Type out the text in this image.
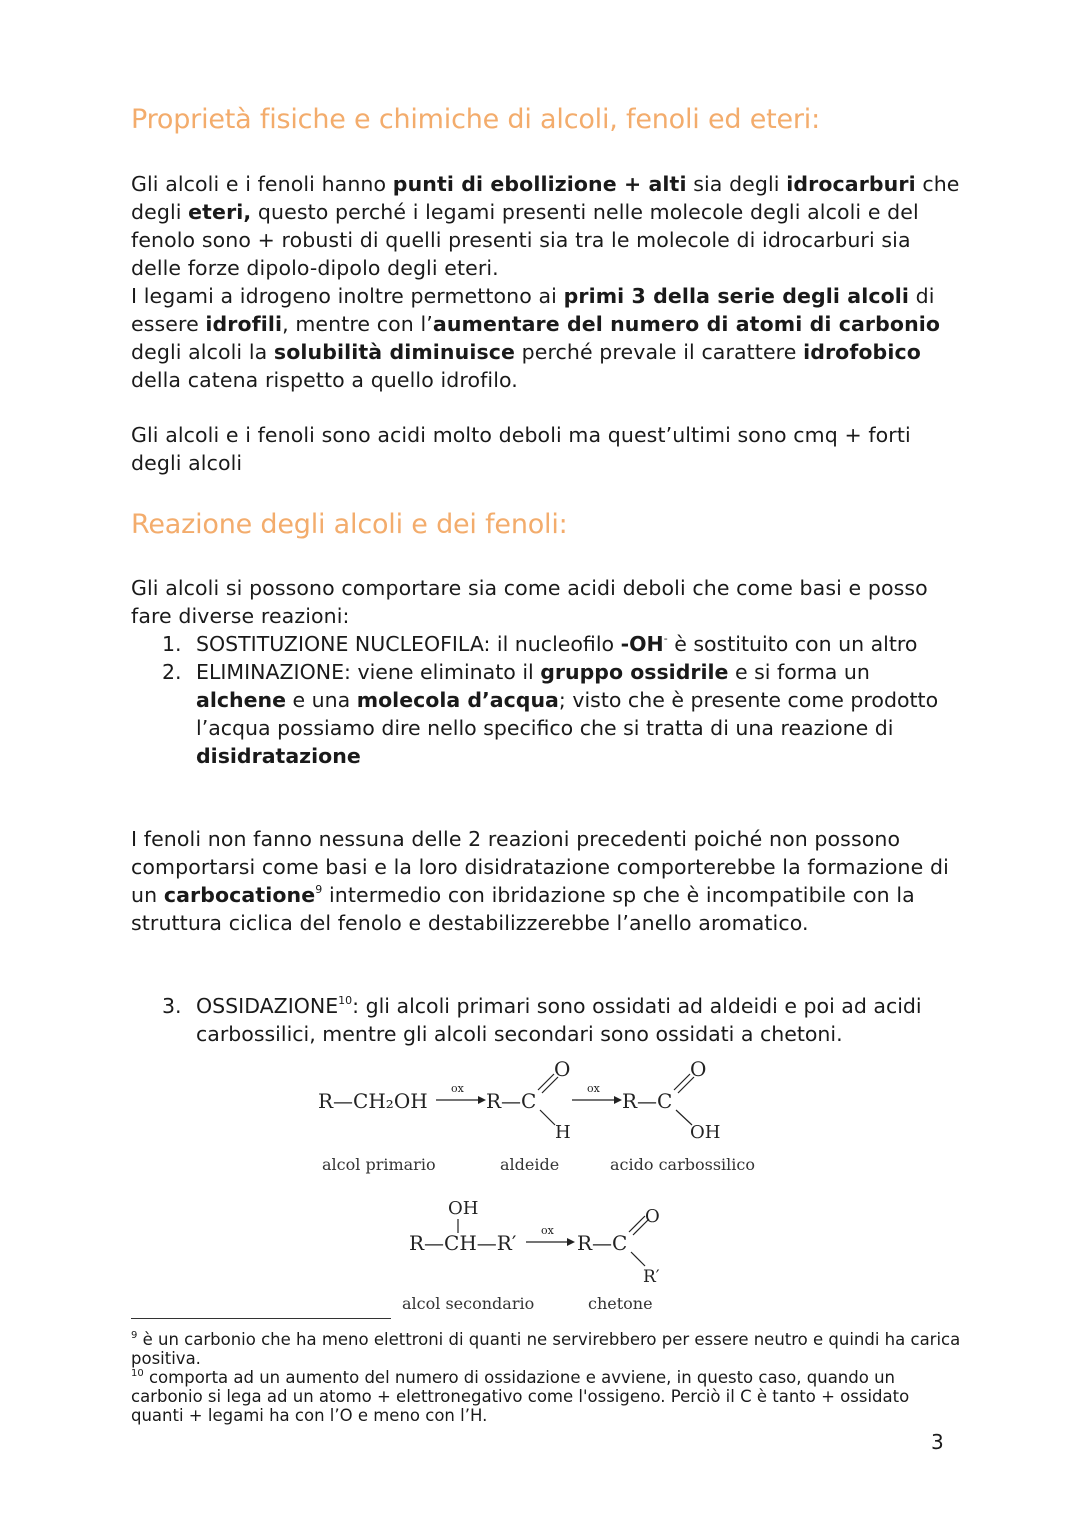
Proprietà fisiche e chimiche di alcoli, fenoli ed eteri:

Gli alcoli e i fenoli hanno punti di ebollizione + alti sia degli idrocarburi che degli eteri, questo perché i legami presenti nelle molecole degli alcoli e del fenolo sono + robusti di quelli presenti sia tra le molecole di idrocarburi sia delle forze dipolo-dipolo degli eteri.
I legami a idrogeno inoltre permettono ai primi 3 della serie degli alcoli di essere idrofili, mentre con l’aumentare del numero di atomi di carbonio degli alcoli la solubilità diminuisce perché prevale il carattere idrofobico della catena rispetto a quello idrofilo.

Gli alcoli e i fenoli sono acidi molto deboli ma quest’ultimi sono cmq + forti degli alcoli

Reazione degli alcoli e dei fenoli:

Gli alcoli si possono comportare sia come acidi deboli che come basi e posso fare diverse reazioni:

1. SOSTITUZIONE NUCLEOFILA: il nucleofilo -OH- è sostituito con un altro
2. ELIMINAZIONE: viene eliminato il gruppo ossidrile e si forma un alchene e una molecola d’acqua; visto che è presente come prodotto l’acqua possiamo dire nello specifico che si tratta di una reazione di disidratazione

I fenoli non fanno nessuna delle 2 reazioni precedenti poiché non possono comportarsi come basi e la loro disidratazione comporterebbe la formazione di un carbocatione$^9$ intermedio con ibridazione sp che è incompatibile con la struttura ciclica del fenolo e destabilizzerebbe l’anello aromatico.

3. OSSIDAZIONE$^{10}$: gli alcoli primari sono ossidati ad aldeidi e poi ad acidi carbossilici, mentre gli alcoli secondari sono ossidati a chetoni.
R—CH₂OH
ox
R—C
O
H
ox
R—C
O
OH
alcol primario	aldeide	acido carbossilico
OH
R—CH—R′
ox
R—C
O
R′
alcol secondario	chetone

$^9$ è un carbonio che ha meno elettroni di quanti ne servirebbero per essere neutro e quindi ha carica positiva.

$^{10}$ comporta ad un aumento del numero di ossidazione e avviene, in questo caso, quando un carbonio si lega ad un atomo + elettronegativo come l'ossigeno. Perciò il C è tanto + ossidato quanti + legami ha con l’O e meno con l’H.

3
